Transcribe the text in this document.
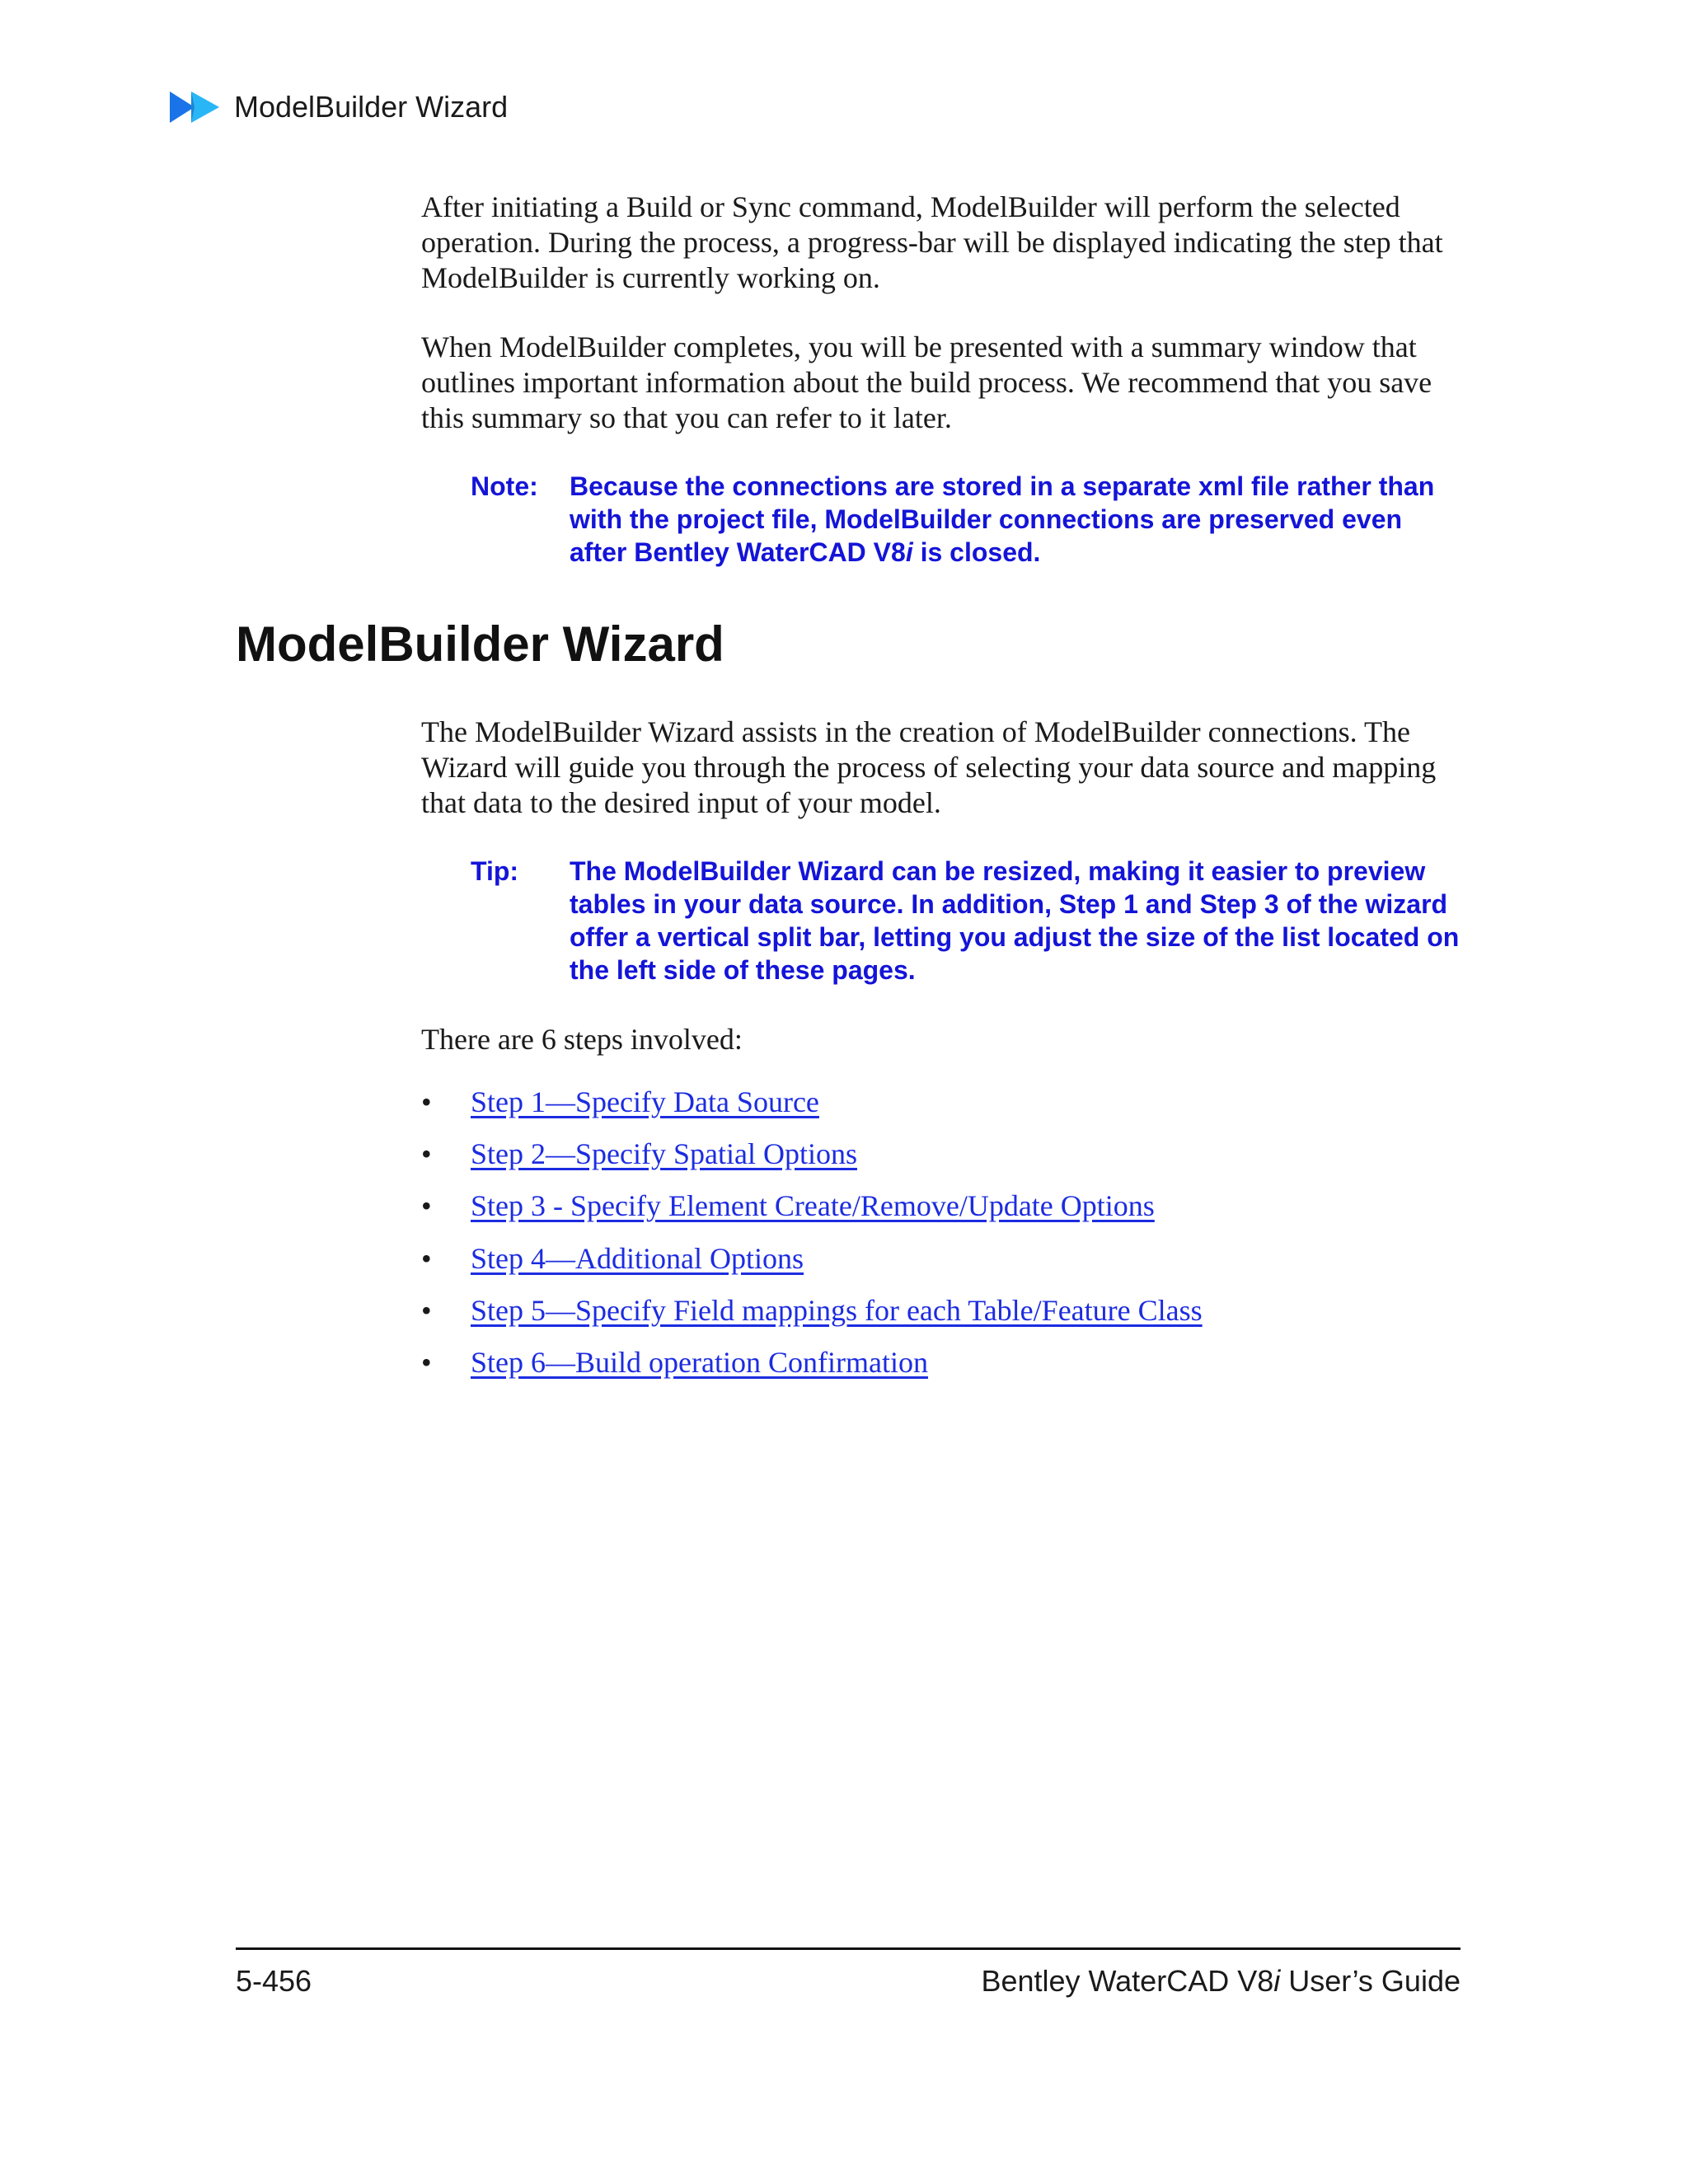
ModelBuilder Wizard

After initiating a Build or Sync command, ModelBuilder will perform the selected operation. During the process, a progress-bar will be displayed indicating the step that ModelBuilder is currently working on.

When ModelBuilder completes, you will be presented with a summary window that outlines important information about the build process. We recommend that you save this summary so that you can refer to it later.

Note:	Because the connections are stored in a separate xml file rather than with the project file, ModelBuilder connections are preserved even after Bentley WaterCAD V8i is closed.
ModelBuilder Wizard

The ModelBuilder Wizard assists in the creation of ModelBuilder connections. The Wizard will guide you through the process of selecting your data source and mapping that data to the desired input of your model.

Tip:	The ModelBuilder Wizard can be resized, making it easier to preview tables in your data source. In addition, Step 1 and Step 3 of the wizard offer a vertical split bar, letting you adjust the size of the list located on the left side of these pages.

There are 6 steps involved:

•	Step 1—Specify Data Source
•	Step 2—Specify Spatial Options
•	Step 3 - Specify Element Create/Remove/Update Options
•	Step 4—Additional Options
•	Step 5—Specify Field mappings for each Table/Feature Class
•	Step 6—Build operation Confirmation
5-456	Bentley WaterCAD V8i User’s Guide
